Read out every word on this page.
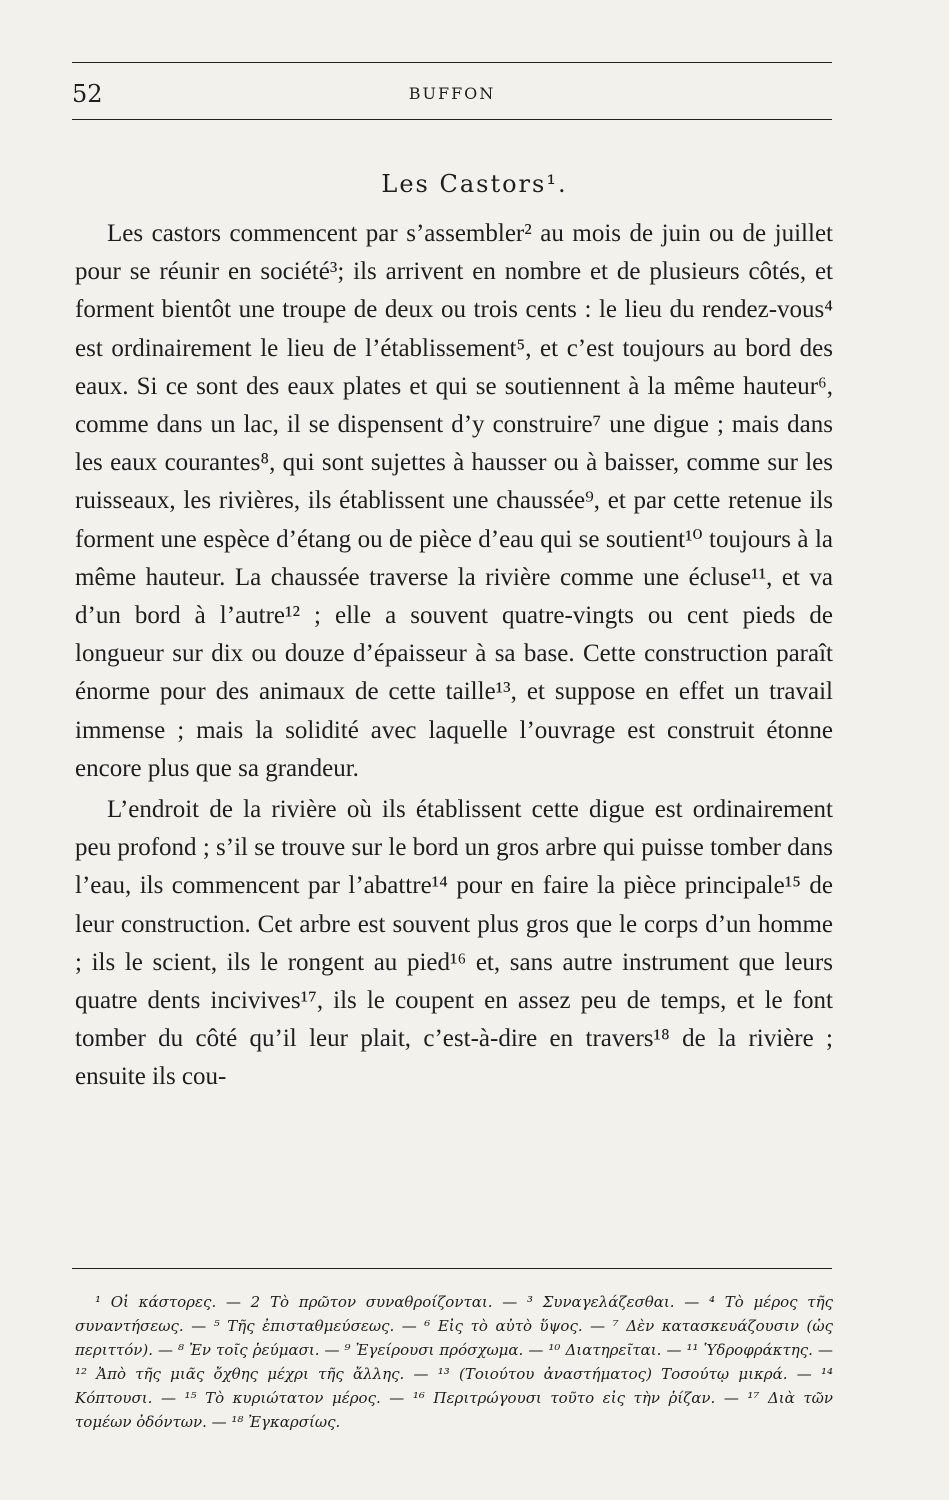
52	BUFFON
Les Castors¹.

Les castors commencent par s’assembler² au mois de juin ou de juillet pour se réunir en société³; ils arrivent en nombre et de plusieurs côtés, et forment bientôt une troupe de deux ou trois cents : le lieu du rendez-vous⁴ est ordinairement le lieu de l’établissement⁵, et c’est toujours au bord des eaux. Si ce sont des eaux plates et qui se soutiennent à la même hauteur⁶, comme dans un lac, il se dispensent d’y construire⁷ une digue ; mais dans les eaux courantes⁸, qui sont sujettes à hausser ou à baisser, comme sur les ruisseaux, les rivières, ils établissent une chaussée⁹, et par cette retenue ils forment une espèce d’étang ou de pièce d’eau qui se soutient¹⁰ toujours à la même hauteur. La chaussée traverse la rivière comme une écluse¹¹, et va d’un bord à l’autre¹² ; elle a souvent quatre-vingts ou cent pieds de longueur sur dix ou douze d’épaisseur à sa base. Cette construction paraît énorme pour des animaux de cette taille¹³, et suppose en effet un travail immense ; mais la solidité avec laquelle l’ouvrage est construit étonne encore plus que sa grandeur.

L’endroit de la rivière où ils établissent cette digue est ordinairement peu profond ; s’il se trouve sur le bord un gros arbre qui puisse tomber dans l’eau, ils commencent par l’abattre¹⁴ pour en faire la pièce principale¹⁵ de leur construction. Cet arbre est souvent plus gros que le corps d’un homme ; ils le scient, ils le rongent au pied¹⁶ et, sans autre instrument que leurs quatre dents incivives¹⁷, ils le coupent en assez peu de temps, et le font tomber du côté qu’il leur plait, c’est-à-dire en travers¹⁸ de la rivière ; ensuite ils cou-

¹ Οἱ κάστορες. — 2 Τὸ πρῶτον συναθροίζονται. — ³ Συναγελάζεσθαι. — ⁴ Τὸ μέρος τῆς συναντήσεως. — ⁵ Τῆς ἐπισταθμεύσεως. — ⁶ Εἰς τὸ αὐτὸ ὕψος. — ⁷ Δὲν κατασκευάζουσιν (ὡς περιττόν). — ⁸ Ἐν τοῖς ῥεύμασι. — ⁹ Ἐγείρουσι πρόσχωμα. — ¹⁰ Διατηρεῖται. — ¹¹ Ὑδροφράκτης. — ¹² Ἀπὸ τῆς μιᾶς ὄχθης μέχρι τῆς ἄλλης. — ¹³ (Τοιούτου ἀναστήματος) Τοσούτῳ μικρά. — ¹⁴ Κόπτουσι. — ¹⁵ Τὸ κυριώτατον μέρος. — ¹⁶ Περιτρώγουσι τοῦτο εἰς τὴν ῥίζαν. — ¹⁷ Διὰ τῶν τομέων ὀδόντων. — ¹⁸ Ἐγκαρσίως.
